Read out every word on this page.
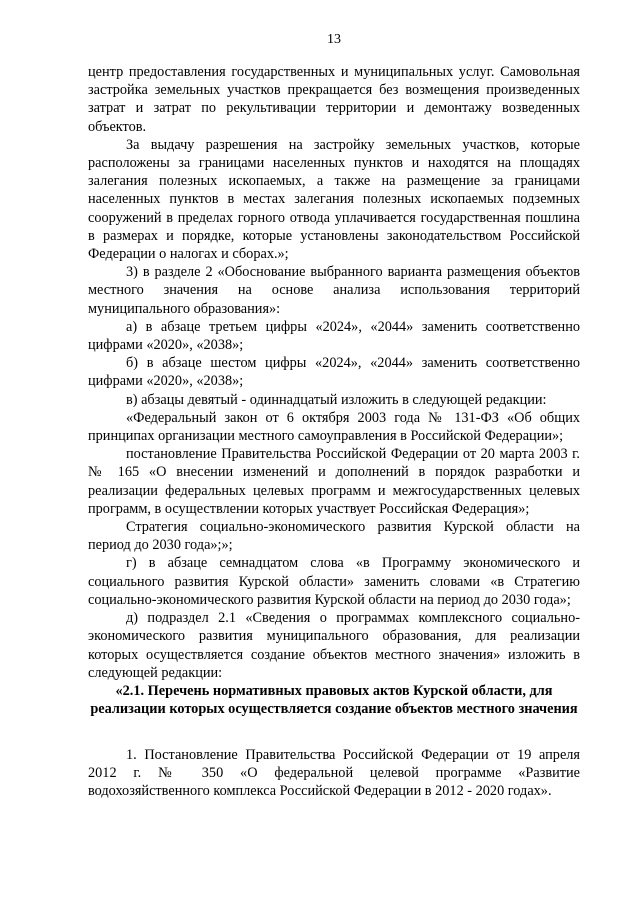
13

центр предоставления государственных и муниципальных услуг. Самовольная застройка земельных участков прекращается без возмещения произведенных затрат и затрат по рекультивации территории и демонтажу возведенных объектов.

За выдачу разрешения на застройку земельных участков, которые расположены за границами населенных пунктов и находятся на площадях залегания полезных ископаемых, а также на размещение за границами населенных пунктов в местах залегания полезных ископаемых подземных сооружений в пределах горного отвода уплачивается государственная пошлина в размерах и порядке, которые установлены законодательством Российской Федерации о налогах и сборах.»;

3) в разделе 2 «Обоснование выбранного варианта размещения объектов местного значения на основе анализа использования территорий муниципального образования»:

а) в абзаце третьем цифры «2024», «2044» заменить соответственно цифрами «2020», «2038»;

б) в абзаце шестом цифры «2024», «2044» заменить соответственно цифрами «2020», «2038»;

в) абзацы девятый - одиннадцатый изложить в следующей редакции:

«Федеральный закон от 6 октября 2003 года № 131-ФЗ «Об общих принципах организации местного самоуправления в Российской Федерации»;

постановление Правительства Российской Федерации от 20 марта 2003 г. № 165 «О внесении изменений и дополнений в порядок разработки и реализации федеральных целевых программ и межгосударственных целевых программ, в осуществлении которых участвует Российская Федерация»;

Стратегия социально-экономического развития Курской области на период до 2030 года»;»;

г) в абзаце семнадцатом слова «в Программу экономического и социального развития Курской области» заменить словами «в Стратегию социально-экономического развития Курской области на период до 2030 года»;

д) подраздел 2.1 «Сведения о программах комплексного социально-экономического развития муниципального образования, для реализации которых осуществляется создание объектов местного значения» изложить в следующей редакции:

«2.1. Перечень нормативных правовых актов Курской области, для реализации которых осуществляется создание объектов местного значения

1. Постановление Правительства Российской Федерации от 19 апреля 2012 г. № 350 «О федеральной целевой программе «Развитие водохозяйственного комплекса Российской Федерации в 2012 - 2020 годах».
